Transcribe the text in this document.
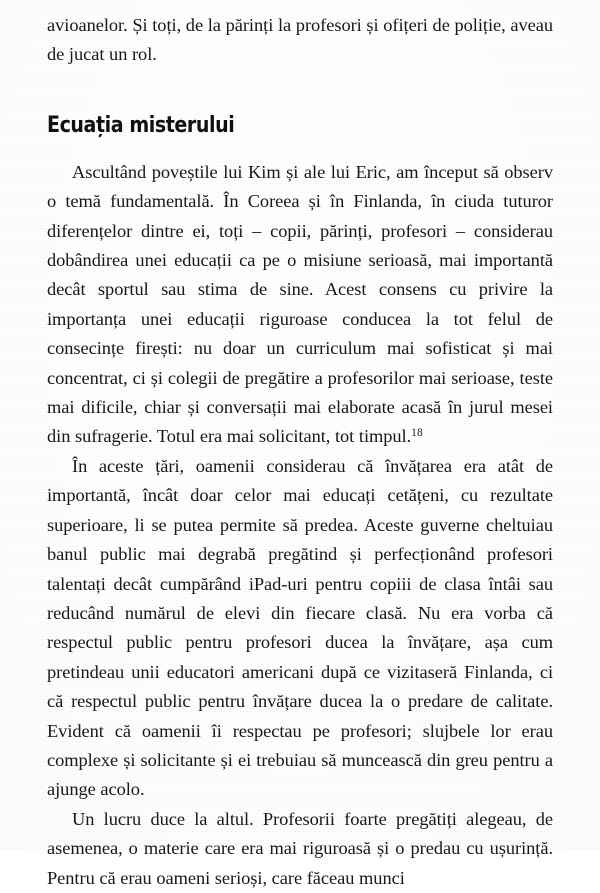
avioanelor. Și toți, de la părinți la profesori și ofițeri de poliție, aveau de jucat un rol.

Ecuația misterului

Ascultând poveștile lui Kim și ale lui Eric, am început să observ o temă fundamentală. În Coreea și în Finlanda, în ciuda tuturor diferențelor dintre ei, toți – copii, părinți, profesori – considerau dobândirea unei educații ca pe o misiune serioasă, mai importantă decât sportul sau stima de sine. Acest consens cu privire la importanța unei educații riguroase conducea la tot felul de consecințe firești: nu doar un curriculum mai sofisticat și mai concentrat, ci și colegii de pregătire a profesorilor mai serioase, teste mai dificile, chiar și conversații mai elaborate acasă în jurul mesei din sufragerie. Totul era mai solicitant, tot timpul.$^{18}$

În aceste țări, oamenii considerau că învățarea era atât de importantă, încât doar celor mai educați cetățeni, cu rezultate superioare, li se putea permite să predea. Aceste guverne cheltuiau banul public mai degrabă pregătind și perfecționând profesori talentați decât cumpărând iPad-uri pentru copiii de clasa întâi sau reducând numărul de elevi din fiecare clasă. Nu era vorba că respectul public pentru profesori ducea la învățare, așa cum pretindeau unii educatori americani după ce vizitaseră Finlanda, ci că respectul public pentru învățare ducea la o predare de calitate. Evident că oamenii îi respectau pe profesori; slujbele lor erau complexe și solicitante și ei trebuiau să muncească din greu pentru a ajunge acolo.

Un lucru duce la altul. Profesorii foarte pregătiți alegeau, de asemenea, o materie care era mai riguroasă și o predau cu ușurință. Pentru că erau oameni serioși, care făceau munci
